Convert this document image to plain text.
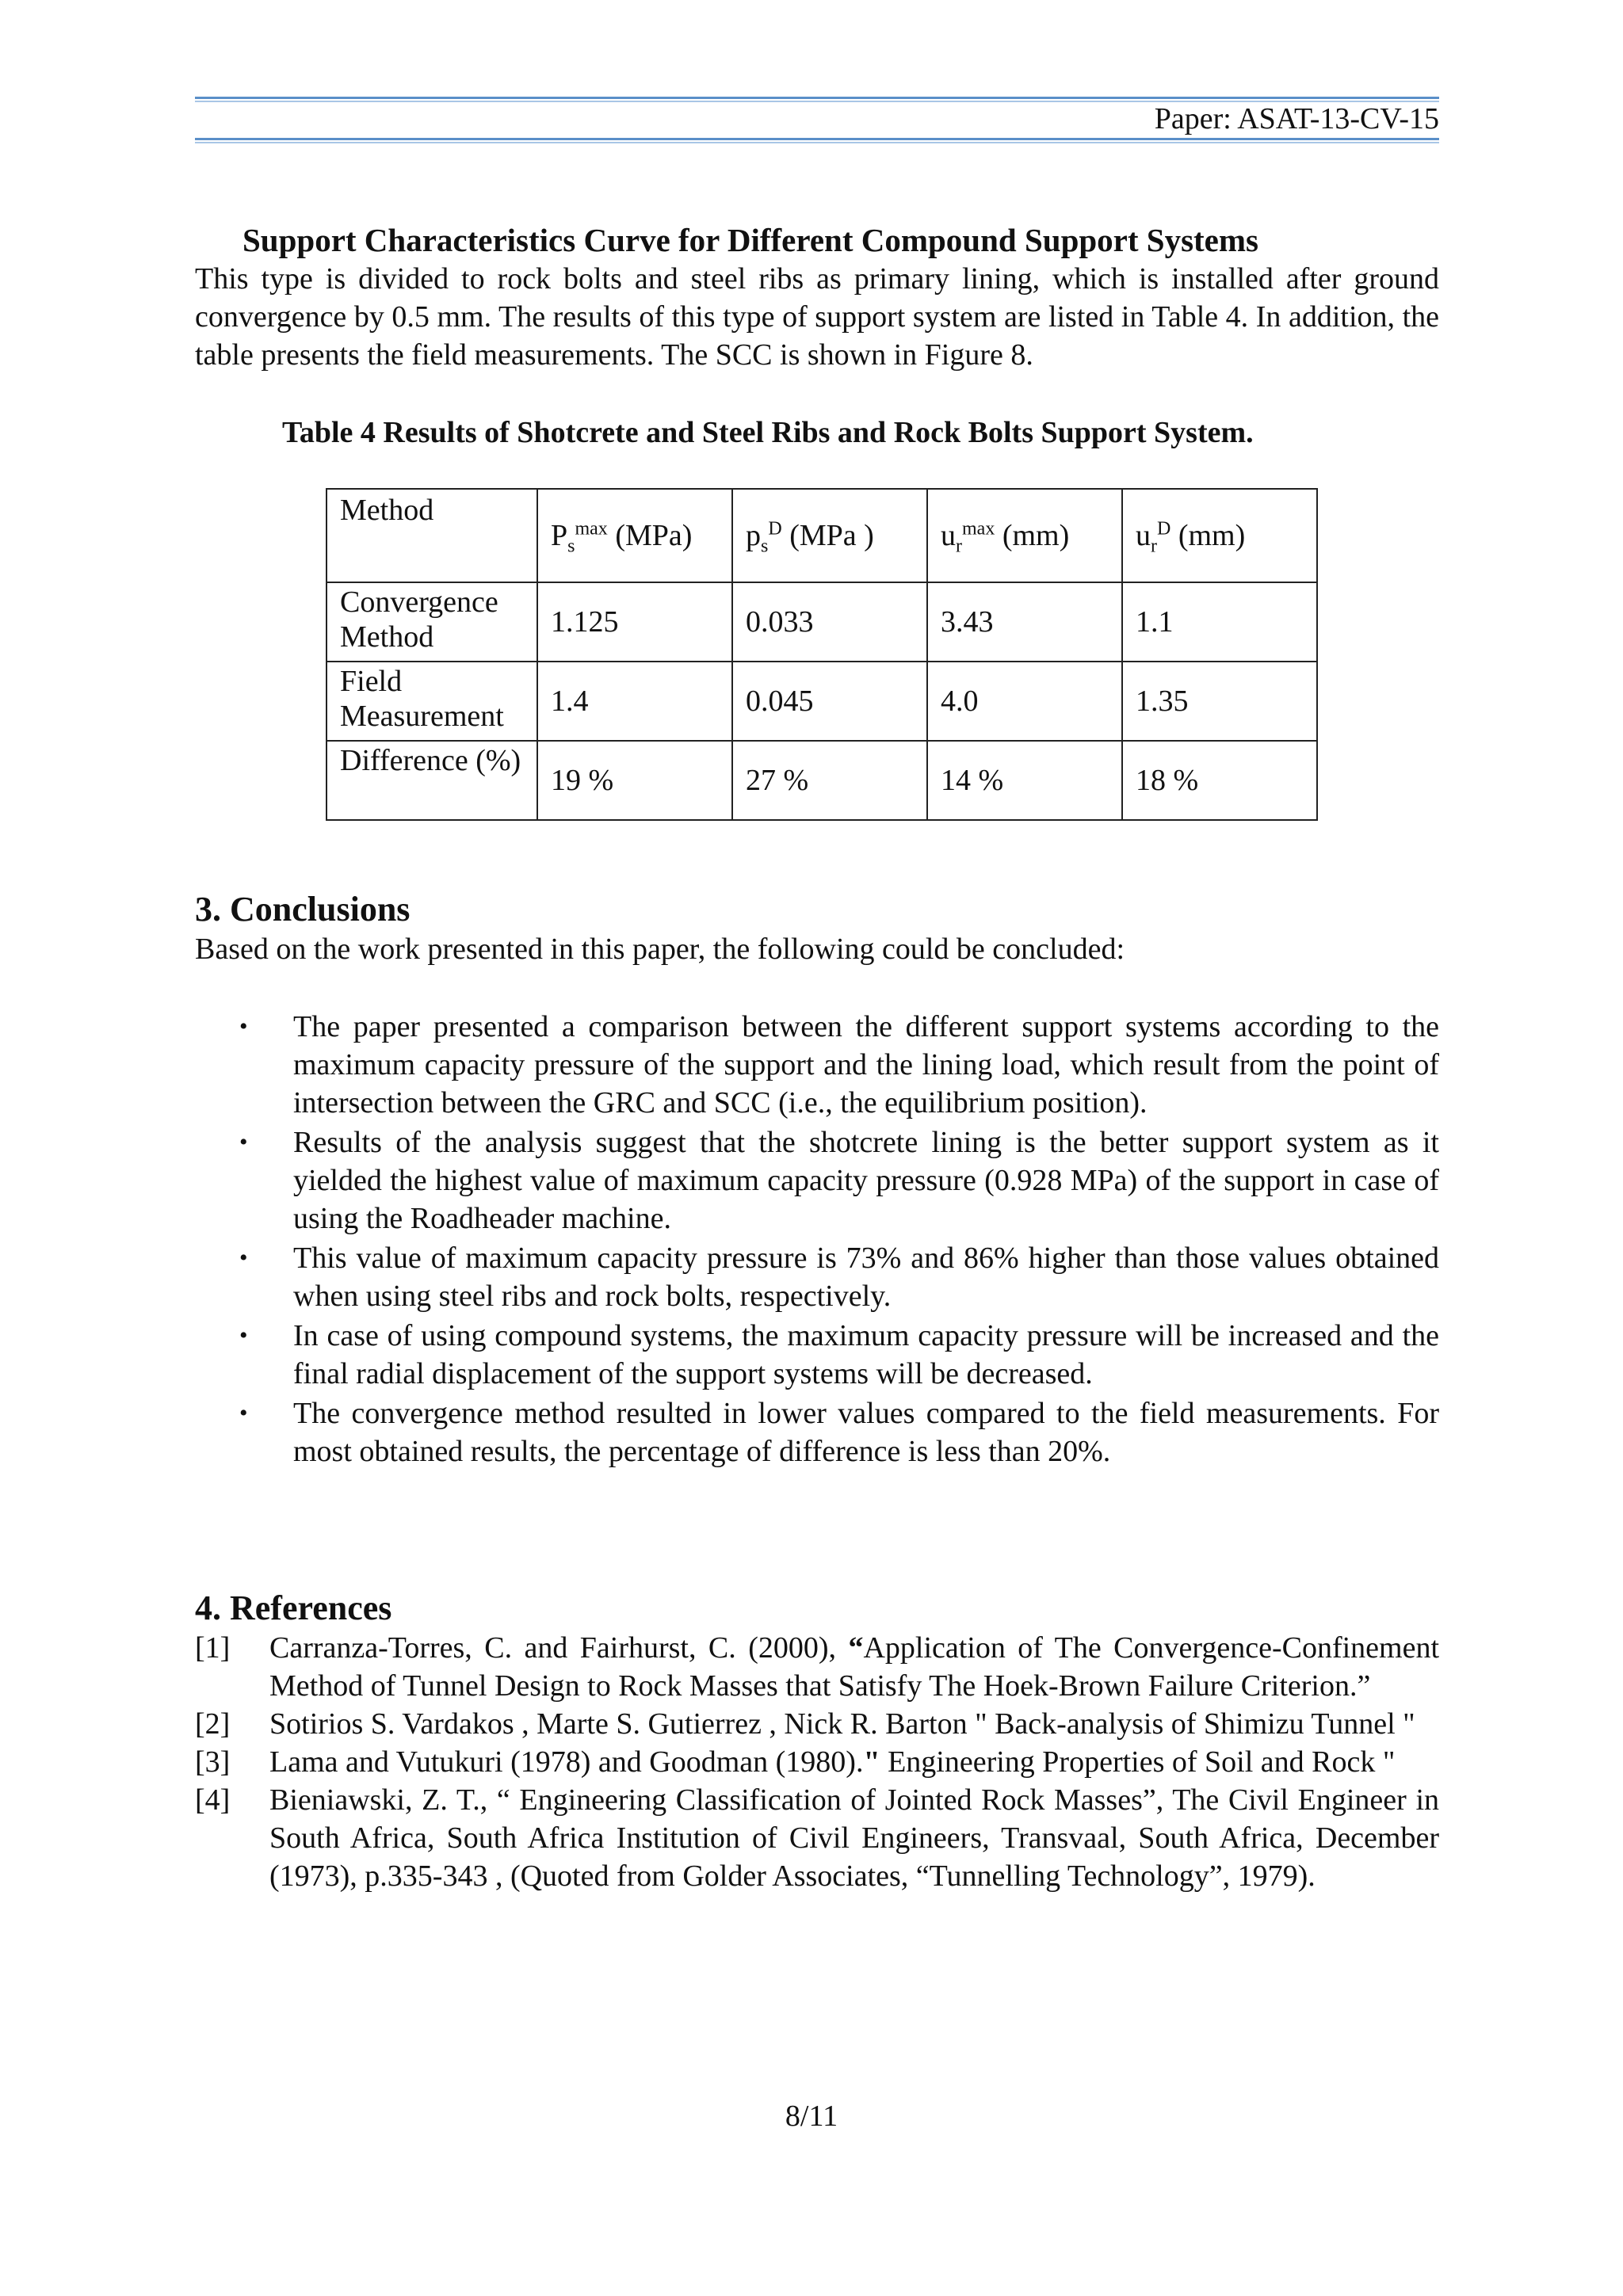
Paper: ASAT-13-CV-15
Support Characteristics Curve for Different Compound Support Systems
This type is divided to rock bolts and steel ribs as primary lining, which is installed after ground convergence by 0.5 mm. The results of this type of support system are listed in Table 4. In addition, the table presents the field measurements. The SCC is shown in Figure 8.
Table 4 Results of Shotcrete and Steel Ribs and Rock Bolts Support System.
Method	$P_s^{max}$ (MPa)	$p_s^D$ (MPa )	$u_r^{max}$ (mm)	$u_r^D$ (mm)
Convergence Method	1.125	0.033	3.43	1.1
Field Measurement	1.4	0.045	4.0	1.35
Difference (%)	19 %	27 %	14 %	18 %
3. Conclusions
Based on the work presented in this paper, the following could be concluded:
• The paper presented a comparison between the different support systems according to the maximum capacity pressure of the support and the lining load, which result from the point of intersection between the GRC and SCC (i.e., the equilibrium position).
• Results of the analysis suggest that the shotcrete lining is the better support system as it yielded the highest value of maximum capacity pressure (0.928 MPa) of the support in case of using the Roadheader machine.
• This value of maximum capacity pressure is 73% and 86% higher than those values obtained when using steel ribs and rock bolts, respectively.
• In case of using compound systems, the maximum capacity pressure will be increased and the final radial displacement of the support systems will be decreased.
• The convergence method resulted in lower values compared to the field measurements. For most obtained results, the percentage of difference is less than 20%.
4. References
[1] Carranza-Torres, C. and Fairhurst, C. (2000), “Application of The Convergence-Confinement Method of Tunnel Design to Rock Masses that Satisfy The Hoek-Brown Failure Criterion.”
[2] Sotirios S. Vardakos , Marte S. Gutierrez , Nick R. Barton " Back-analysis of Shimizu Tunnel "
[3] Lama and Vutukuri (1978) and Goodman (1980)." Engineering Properties of Soil and Rock "
[4] Bieniawski, Z. T., “ Engineering Classification of Jointed Rock Masses”, The Civil Engineer in South Africa, South Africa Institution of Civil Engineers, Transvaal, South Africa, December (1973), p.335-343 , (Quoted from Golder Associates, “Tunnelling Technology”, 1979).
8/11
